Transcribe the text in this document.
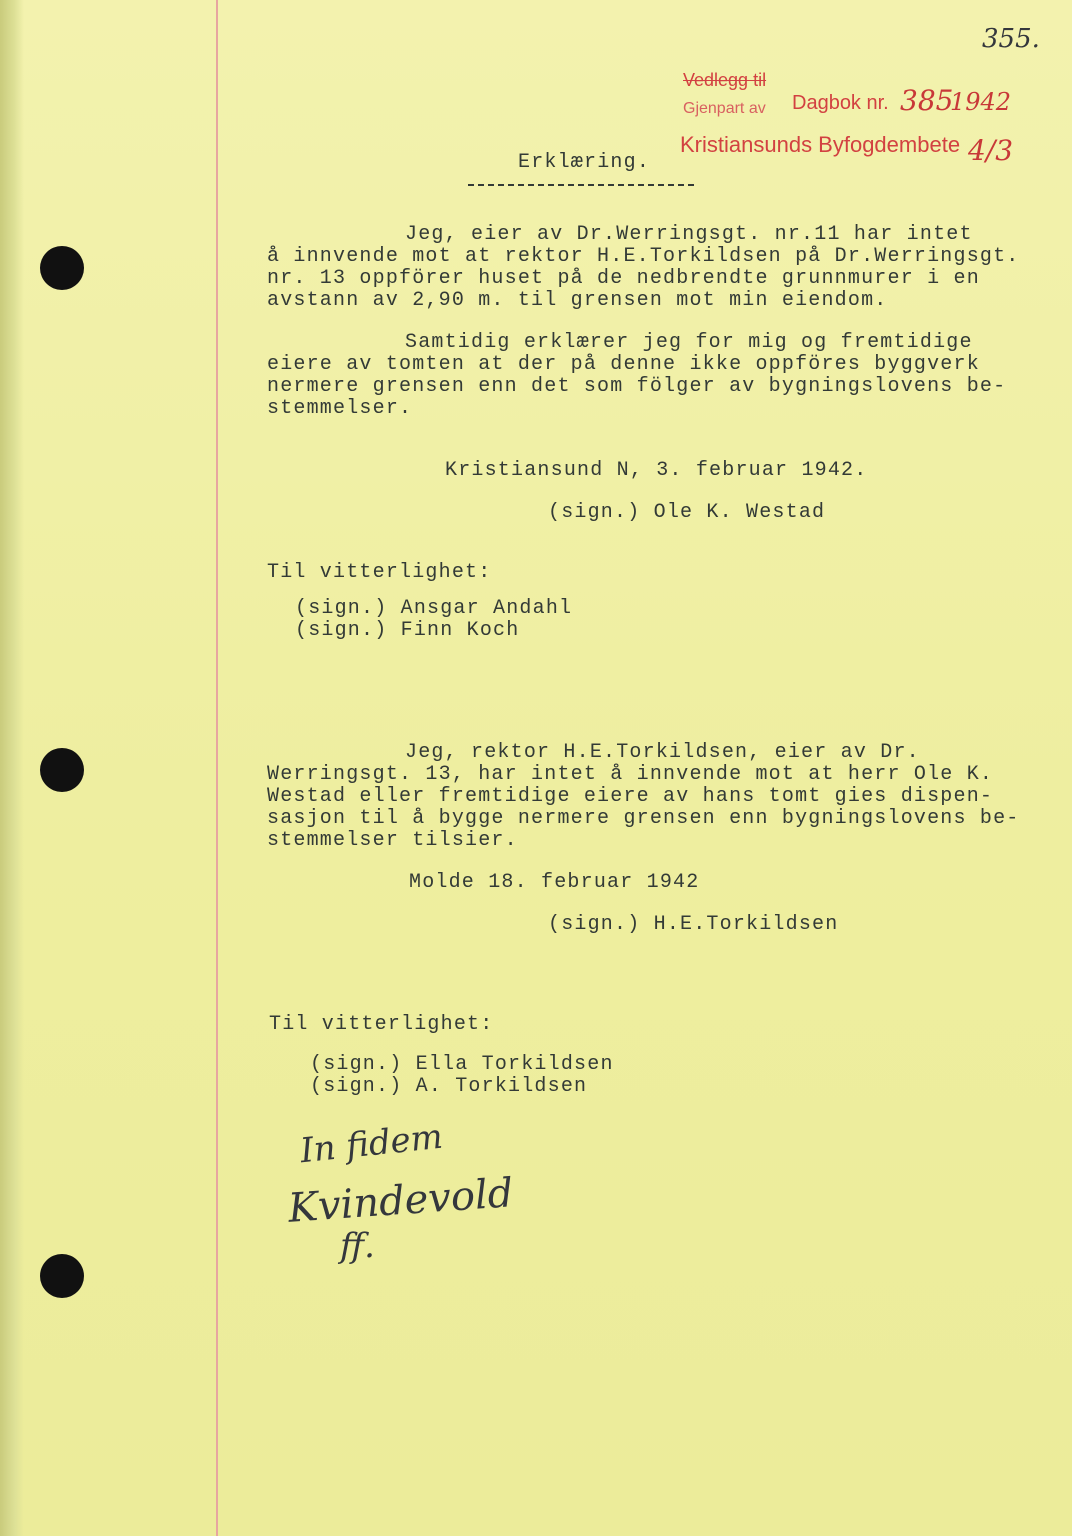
355.
Vedlegg til
Gjenpart av Dagbok nr. 385
1942
Kristiansunds Byfogdembete 4/3
Erklæring.
Jeg, eier av Dr.Werringsgt. nr.11 har intet
å innvende mot at rektor H.E.Torkildsen på Dr.Werringsgt.
nr. 13 oppförer huset på de nedbrendte grunnmurer i en
avstann av 2,90 m. til grensen mot min eiendom.
Samtidig erklærer jeg for mig og fremtidige
eiere av tomten at der på denne ikke oppföres byggverk
nermere grensen enn det som fölger av bygningslovens be-
stemmelser.
Kristiansund N, 3. februar 1942.
(sign.) Ole K. Westad
Til vitterlighet:
(sign.) Ansgar Andahl
(sign.) Finn Koch
Jeg, rektor H.E.Torkildsen, eier av Dr.
Werringsgt. 13, har intet å innvende mot at herr Ole K.
Westad eller fremtidige eiere av hans tomt gies dispen-
sasjon til å bygge nermere grensen enn bygningslovens be-
stemmelser tilsier.
Molde 18. februar 1942
(sign.) H.E.Torkildsen
Til vitterlighet:
(sign.) Ella Torkildsen
(sign.) A. Torkildsen
In fidem
Kvindevold
ff.
